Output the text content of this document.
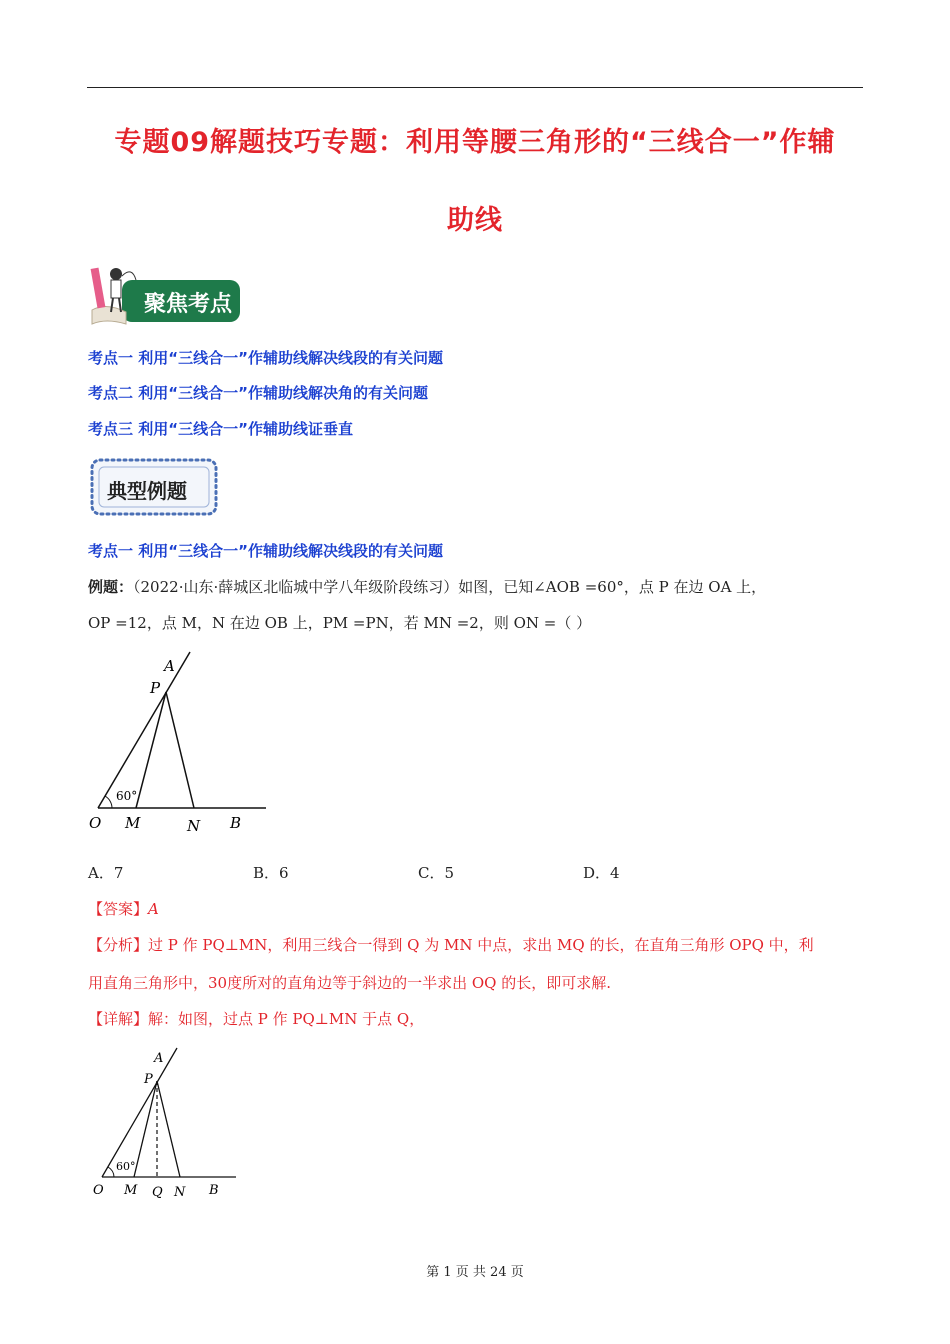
专题09解题技巧专题：利用等腰三角形的“三线合一”作辅
助线
聚焦考点
考点一 利用“三线合一”作辅助线解决线段的有关问题
考点二 利用“三线合一”作辅助线解决角的有关问题
考点三 利用“三线合一”作辅助线证垂直
典型例题
考点一 利用“三线合一”作辅助线解决线段的有关问题
例题：（2022·山东·薛城区北临城中学八年级阶段练习）如图，已知∠AOB =60°，点 P 在边 OA 上，
OP =12，点 M，N 在边 OB 上，PM =PN，若 MN =2，则 ON =（ ）
60°
A
P
O M	N B
A．7	B．6	C．5	D．4
【答案】A
【分析】过 P 作 PQ⊥MN，利用三线合一得到 Q 为 MN 中点，求出 MQ 的长，在直角三角形 OPQ 中，利
用直角三角形中，30度所对的直角边等于斜边的一半求出 OQ 的长，即可求解.
【详解】解：如图，过点 P 作 PQ⊥MN 于点 Q，
60°
A
P
O M Q N B
第 1 页 共 24 页
